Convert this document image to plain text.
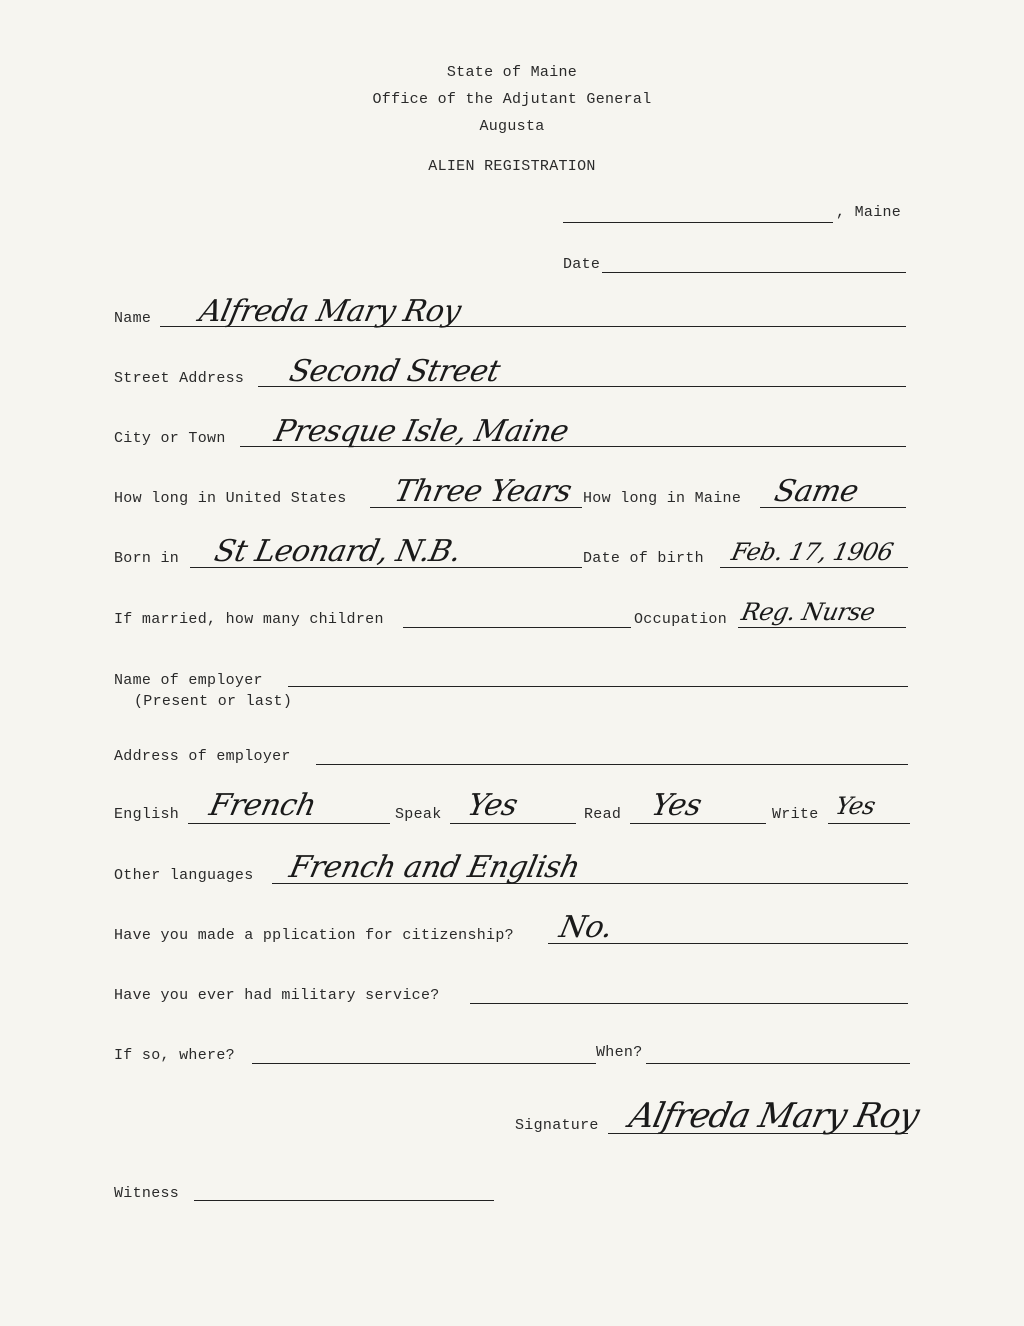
State of Maine
Office of the Adjutant General
Augusta
ALIEN REGISTRATION
, Maine
Date
Name Alfreda Mary Roy
Street Address Second Street
City or Town Presque Isle, Maine
How long in United States Three Years How long in Maine Same
Born in St Leonard, N.B.	Date of birth Feb. 17, 1906
If married, how many children	Occupation Reg. Nurse
Name of employer
(Present or last)
Address of employer
English French	Speak Yes	Read Yes	Write Yes
Other languages French and English
Have you made a pplication for citizenship? No.
Have you ever had military service?
If so, where?	When?
Signature Alfreda Mary Roy
Witness
